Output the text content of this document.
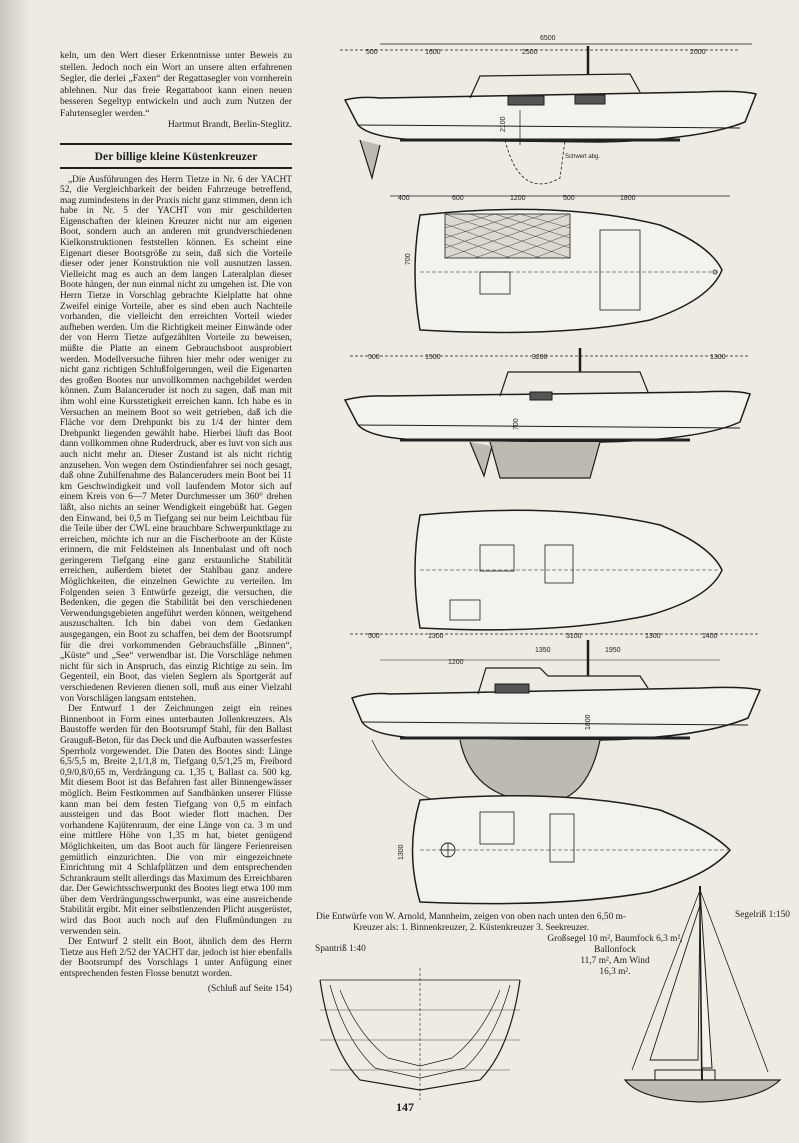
keln, um den Wert dieser Erkenntnisse unter Beweis zu stellen. Jedoch noch ein Wort an unsere alten erfahrenen Segler, die derlei „Faxen“ der Regattasegler von vornherein ablehnen. Nur das freie Regattaboot kann einen neuen besseren Segeltyp entwickeln und auch zum Nutzen der Fahrtensegler werden.“

Hartmut Brandt, Berlin-Steglitz.

Der billige kleine Küstenkreuzer

„Die Ausführungen des Herrn Tietze in Nr. 6 der YACHT 52, die Vergleichbarkeit der beiden Fahrzeuge betreffend, mag zumindestens in der Praxis nicht ganz stimmen, denn ich habe in Nr. 5 der YACHT von mir geschilderten Eigenschaften der kleinen Kreuzer nicht nur am eigenen Boot, sondern auch an anderen mit grundverschiedenen Kielkonstruktionen feststellen können. Es scheint eine Eigenart dieser Bootsgröße zu sein, daß sich die Vorteile dieser oder jener Konstruktion nie voll ausnutzen lassen. Vielleicht mag es auch an dem langen Lateralplan dieser Boote hängen, der nun einmal nicht zu umgehen ist. Die von Herrn Tietze in Vorschlag gebrachte Kielplatte hat ohne Zweifel einige Vorteile, aber es sind eben auch Nachteile vorhanden, die vielleicht den erreichten Vorteil wieder aufheben werden. Um die Richtigkeit meiner Einwände oder der von Herrn Tietze aufgezählten Vorteile zu beweisen, müßte die Platte an einem Gebrauchsboot ausprobiert werden. Modellversuche führen hier mehr oder weniger zu nicht ganz richtigen Schlußfolgerungen, weil die Eigenarten des großen Bootes nur unvollkommen nachgebildet werden können. Zum Balanceruder ist noch zu sagen, daß man mit ihm wohl eine Kursstetigkeit erreichen kann. Ich habe es in Versuchen an meinem Boot so weit getrieben, daß ich die Fläche vor dem Drehpunkt bis zu 1/4 der hinter dem Drehpunkt liegenden gewählt habe. Hierbei läuft das Boot dann vollkommen ohne Ruderdruck, aber es luvt von sich aus auch nicht mehr an. Dieser Zustand ist als nicht richtig anzusehen. Von wegen dem Ostindienfahrer sei noch gesagt, daß ohne Zuhilfenahme des Balanceruders mein Boot bei 11 km Geschwindigkeit und voll laufendem Motor sich auf einem Kreis von 6—7 Meter Durchmesser um 360° drehen läßt, also nichts an seiner Wendigkeit eingebüßt hat. Gegen den Einwand, bei 0,5 m Tiefgang sei nur beim Leichtbau für die Teile über der CWL eine brauchbare Schwerpunktlage zu erreichen, möchte ich nur an die Fischerboote an der Küste erinnern, die mit Feldsteinen als Innenbalast und oft noch geringerem Tiefgang eine ganz erstaunliche Stabilität erreichen, außerdem bietet der Stahlbau ganz andere Möglichkeiten, die einzelnen Gewichte zu verteilen. Im Folgenden seien 3 Entwürfe gezeigt, die versuchen, die Bedenken, die gegen die Stabilität bei den verschiedenen Verwendungsgebieten angeführt werden können, weitgehend auszuschalten. Ich bin dabei von dem Gedanken ausgegangen, ein Boot zu schaffen, bei dem der Bootsrumpf für die drei vorkommenden Gebrauchsfälle „Binnen“, „Küste“ und „See“ verwendbar ist. Die Vorschläge nehmen nicht für sich in Anspruch, das einzig Richtige zu sein. Im Gegenteil, ein Boot, das vielen Seglern als Sportgerät auf verschiedenen Revieren dienen soll, muß aus einer Vielzahl von Vorschlägen langsam entstehen.

Der Entwurf 1 der Zeichnungen zeigt ein reines Binnenboot in Form eines unterbauten Jollenkreuzers. Als Baustoffe werden für den Bootsrumpf Stahl, für den Ballast Grauguß-Beton, für das Deck und die Aufbauten wasserfestes Sperrholz vorgewendet. Die Daten des Bootes sind: Länge 6,5/5,5 m, Breite 2,1/1,8 m, Tiefgang 0,5/1,25 m, Freibord 0,9/0,8/0,65 m, Verdrängung ca. 1,35 t, Ballast ca. 500 kg. Mit diesem Boot ist das Befahren fast aller Binnengewässer möglich. Beim Festkommen auf Sandbänken unserer Flüsse kann man bei dem festen Tiefgang von 0,5 m einfach aussteigen und das Boot wieder flott machen. Der vorhandene Kajütenraum, der eine Länge von ca. 3 m und eine mittlere Höhe von 1,35 m hat, bietet genügend Möglichkeiten, um das Boot auch für längere Ferienreisen gemütlich einzurichten. Die von mir eingezeichnete Einrichtung mit 4 Schlafplätzen und dem entsprechenden Schrankraum stellt allerdings das Maximum des Erreichbaren dar. Der Gewichtsschwerpunkt des Bootes liegt etwa 100 mm über dem Verdrängungsschwerpunkt, was eine ausreichende Stabilität ergibt. Mit einer selbstlenzenden Plicht ausgerüstet, wird das Boot auch noch auf den Flußmündungen zu verwenden sein.

Der Entwurf 2 stellt ein Boot, ähnlich dem des Herrn Tietze aus Heft 2/52 der YACHT dar, jedoch ist hier ebenfalls der Bootsrumpf des Vorschlags 1 unter Anfügung einer entsprechenden festen Flosse benutzt worden.

(Schluß auf Seite 154)

6500
500	1600	2500	2000
2100
Schwert abg.
400	600	1200	500	1800
700
500	1500	3200	1300
700
500	1300	3100	1300	1400
1200
1350	1950
1800
1300

Die Entwürfe von W. Arnold, Mannheim, zeigen von oben nach unten den 6,50 m-Kreuzer als: 1. Binnenkreuzer, 2. Küstenkreuzer 3. Seekreuzer.

Segelriß 1:150
Spantriß 1:40
Großsegel 10 m², Baumfock 6,3 m², Ballonfock
11,7 m², Am Wind
16,3 m².
147
